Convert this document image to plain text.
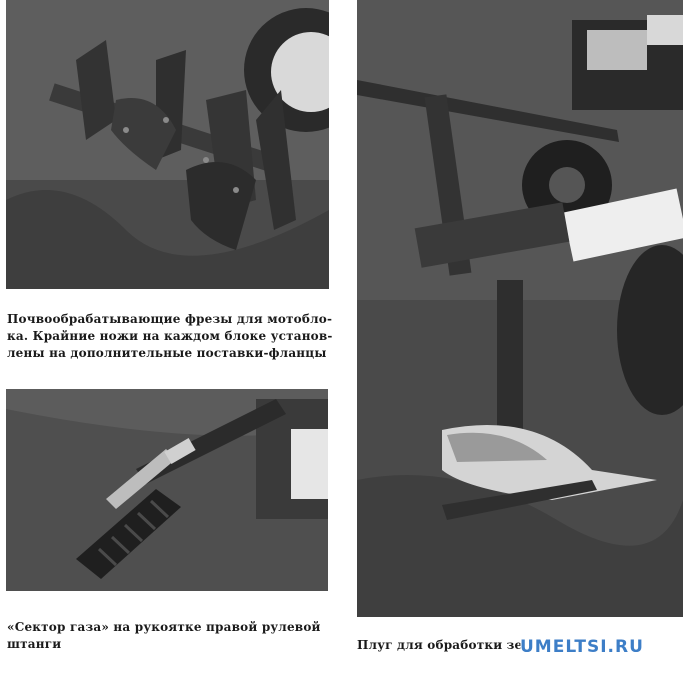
Почвообрабатывающие фрезы для мотобло-
ка. Крайние ножи на каждом блоке установ-
лены на дополнительные поставки-фланцы
«Сектор газа» на рукоятке правой рулевой
штанги	Плуг для обработки зе
UMELTSI.RU
